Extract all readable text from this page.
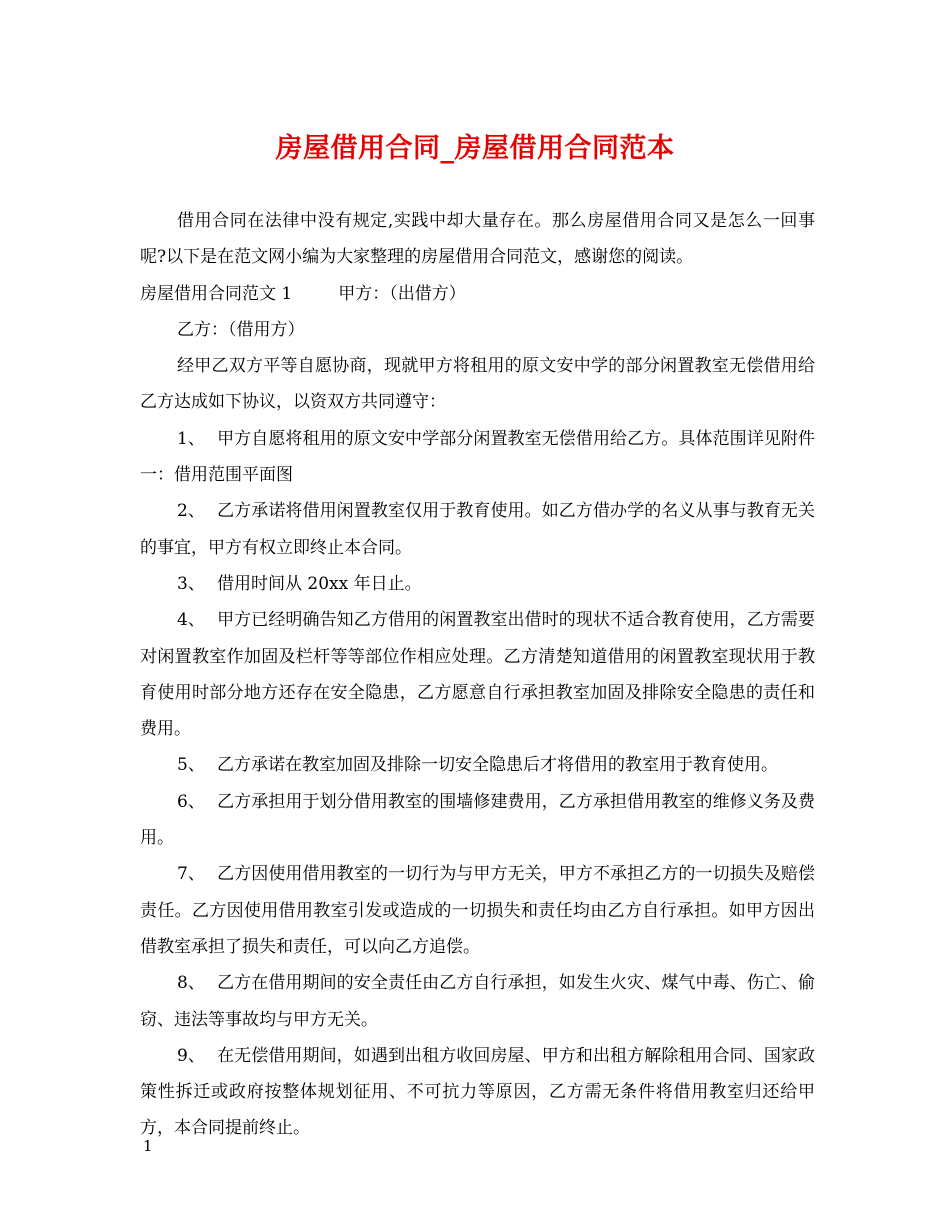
房屋借用合同_房屋借用合同范本

借用合同在法律中没有规定,实践中却大量存在。那么房屋借用合同又是怎么一回事呢?以下是在范文网小编为大家整理的房屋借用合同范文，感谢您的阅读。

房屋借用合同范文 1	甲方：（出借方）

乙方：（借用方）

经甲乙双方平等自愿协商，现就甲方将租用的原文安中学的部分闲置教室无偿借用给乙方达成如下协议，以资双方共同遵守：

1、 甲方自愿将租用的原文安中学部分闲置教室无偿借用给乙方。具体范围详见附件一：借用范围平面图

2、 乙方承诺将借用闲置教室仅用于教育使用。如乙方借办学的名义从事与教育无关的事宜，甲方有权立即终止本合同。

3、 借用时间从 20xx 年日止。

4、 甲方已经明确告知乙方借用的闲置教室出借时的现状不适合教育使用，乙方需要对闲置教室作加固及栏杆等等部位作相应处理。乙方清楚知道借用的闲置教室现状用于教育使用时部分地方还存在安全隐患，乙方愿意自行承担教室加固及排除安全隐患的责任和费用。

5、 乙方承诺在教室加固及排除一切安全隐患后才将借用的教室用于教育使用。

6、 乙方承担用于划分借用教室的围墙修建费用，乙方承担借用教室的维修义务及费用。

7、 乙方因使用借用教室的一切行为与甲方无关，甲方不承担乙方的一切损失及赔偿责任。乙方因使用借用教室引发或造成的一切损失和责任均由乙方自行承担。如甲方因出借教室承担了损失和责任，可以向乙方追偿。

8、 乙方在借用期间的安全责任由乙方自行承担，如发生火灾、煤气中毒、伤亡、偷窃、违法等事故均与甲方无关。

9、 在无偿借用期间，如遇到出租方收回房屋、甲方和出租方解除租用合同、国家政策性拆迁或政府按整体规划征用、不可抗力等原因，乙方需无条件将借用教室归还给甲方，本合同提前终止。

1
